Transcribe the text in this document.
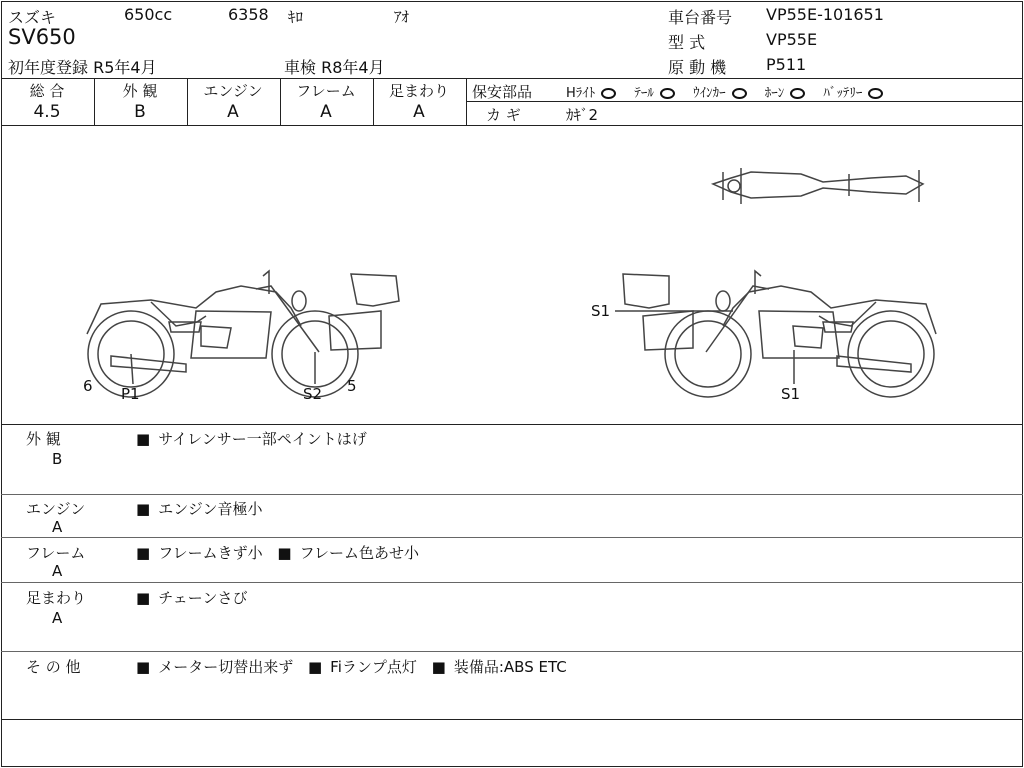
スズキ	650cc	6358 ｷﾛ	ｱｵ
SV650
初年度登録 R5年4月	車検 R8年4月
車台番号 VP55E-101651
型 式	VP55E
原 動 機 P511
総 合
4.5
外 観
B
エンジン
A
フレーム
A
足まわり
A
保安部品	Hﾗｲﾄ	ﾃｰﾙ	ｳｲﾝｶｰ	ﾎｰﾝ	ﾊﾞｯﾃﾘｰ
カ ギ	ｶｷﾞ2
6 P1	S2 5
S1
S1
外 観
B
■ サイレンサー一部ペイントはげ
エンジン
A
■ エンジン音極小
フレーム
A
■ フレームきず小 ■ フレーム色あせ小
足まわり
A
■ チェーンさび
そ の 他	■ メーター切替出来ず ■ Fiランプ点灯 ■ 装備品:ABS ETC
